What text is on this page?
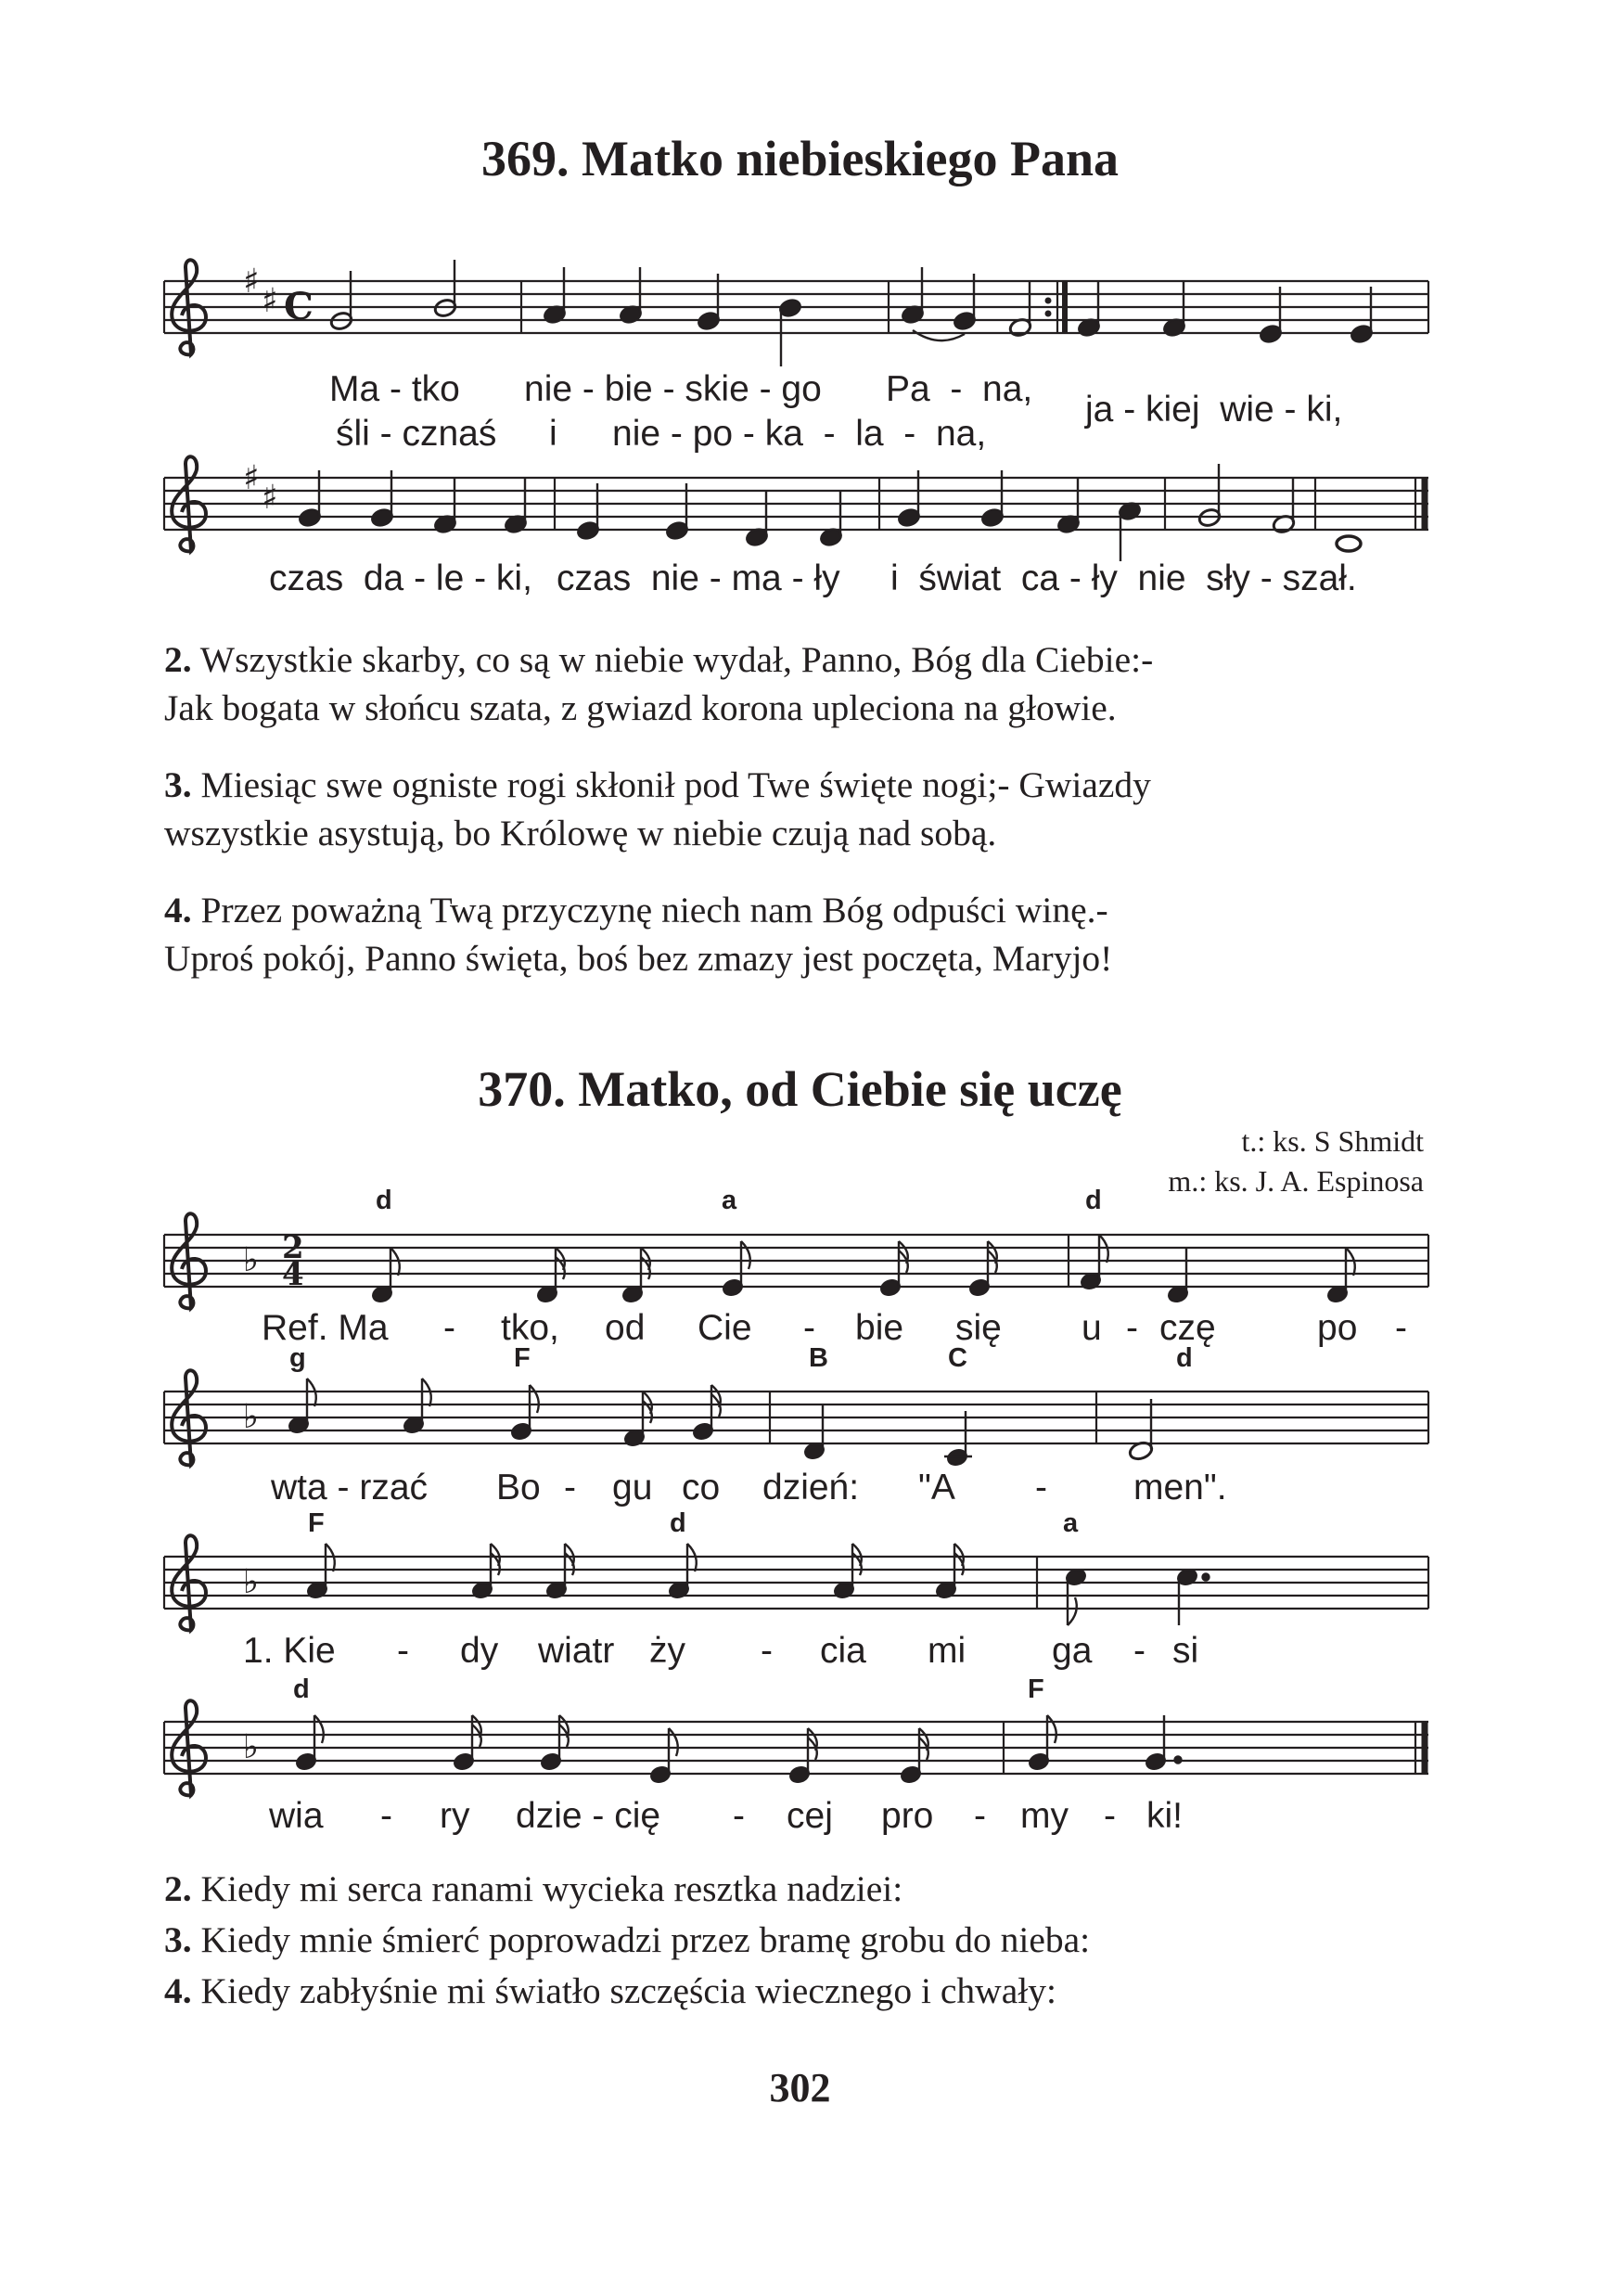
369. Matko niebieskiego Pana
♯
♯ C
Ma - tko nie - bie - skie - go Pa  -  na,
śli - cznaś i nie - po - ka  -  la  -  na,
ja - kiej  wie - ki,
♯
♯
czas  da - le - ki, czas  nie - ma - ły i  świat  ca - ły  nie  sły - szał.
2. Wszystkie skarby, co są w niebie wydał, Panno, Bóg dla Ciebie:-
Jak bogata w słońcu szata, z gwiazd korona upleciona na głowie.
3. Miesiąc swe ogniste rogi skłonił pod Twe święte nogi;- Gwiazdy
wszystkie asystują, bo Królowę w niebie czują nad sobą.
4. Przez poważną Twą przyczynę niech nam Bóg odpuści winę.-
Uproś pokój, Panno święta, boś bez zmazy jest poczęta, Maryjo!
370. Matko, od Ciebie się uczę
t.: ks. S Shmidt
m.: ks. J. A. Espinosa
♭ 2
4
d	a	d
Ref. Ma - tko, od Cie - bie się u - czę	po -
♭
g	F	B	C	d
wta - rzać Bo - gu co dzień: "A - men".
♭
F	d	a
1. Kie - dy wiatr ży - cia mi ga - si
♭
d	F
wia - ry dzie - cię - cej pro - my - ki!
2. Kiedy mi serca ranami wycieka resztka nadziei:
3. Kiedy mnie śmierć poprowadzi przez bramę grobu do nieba:
4. Kiedy zabłyśnie mi światło szczęścia wiecznego i chwały:
302
